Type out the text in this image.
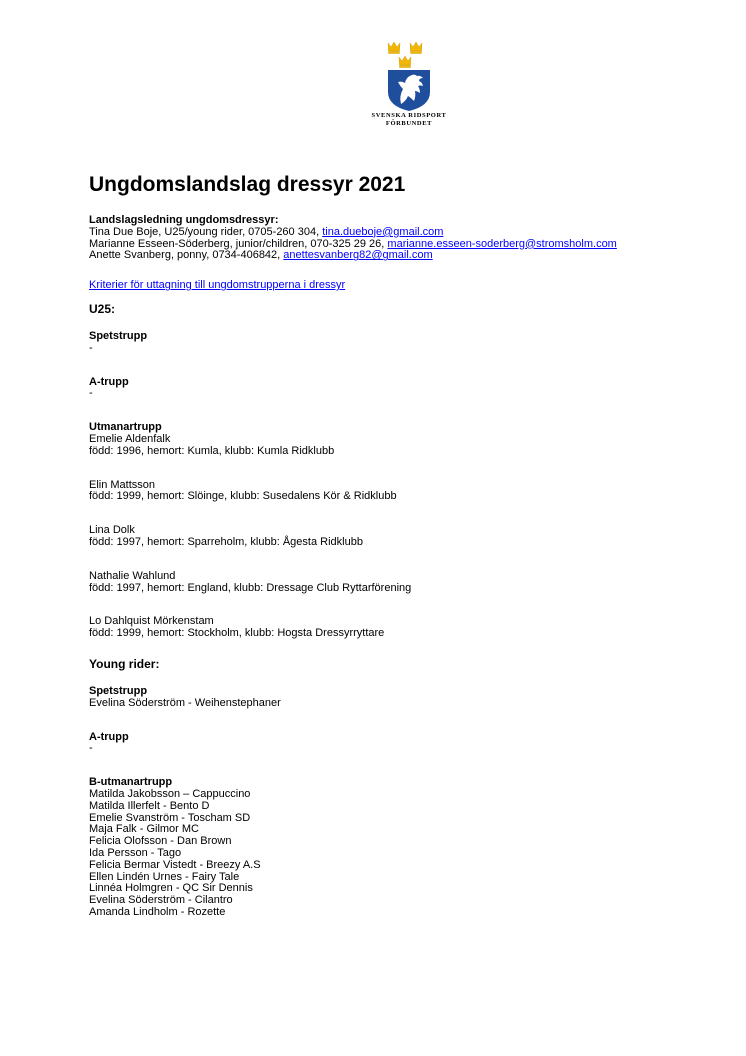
SVENSKA RIDSPORT
FÖRBUNDET
Ungdomslandslag dressyr 2021

Landslagsledning ungdomsdressyr:

Tina Due Boje, U25/young rider, 0705-260 304, tina.dueboje@gmail.com

Marianne Esseen-Söderberg, junior/children, 070-325 29 26, marianne.esseen-soderberg@stromsholm.com

Anette Svanberg, ponny, 0734-406842, anettesvanberg82@gmail.com

Kriterier för uttagning till ungdomstrupperna i dressyr

U25:

Spetstrupp

-

A-trupp

-

Utmanartrupp

Emelie Aldenfalk

född: 1996, hemort: Kumla, klubb: Kumla Ridklubb

Elin Mattsson

född: 1999, hemort: Slöinge, klubb: Susedalens Kör & Ridklubb

Lina Dolk

född: 1997, hemort: Sparreholm, klubb: Ågesta Ridklubb

Nathalie Wahlund

född: 1997, hemort: England, klubb: Dressage Club Ryttarförening

Lo Dahlquist Mörkenstam

född: 1999, hemort: Stockholm, klubb: Hogsta Dressyrryttare

Young rider:

Spetstrupp

Evelina Söderström - Weihenstephaner

A-trupp

-

B-utmanartrupp

Matilda Jakobsson – Cappuccino

Matilda Illerfelt - Bento D

Emelie Svanström - Toscham SD

Maja Falk - Gilmor MC

Felicia Olofsson - Dan Brown

Ida Persson - Tago

Felicia Bermar Vistedt - Breezy A.S

Ellen Lindén Urnes - Fairy Tale

Linnéa Holmgren - QC Sir Dennis

Evelina Söderström - Cilantro

Amanda Lindholm - Rozette
